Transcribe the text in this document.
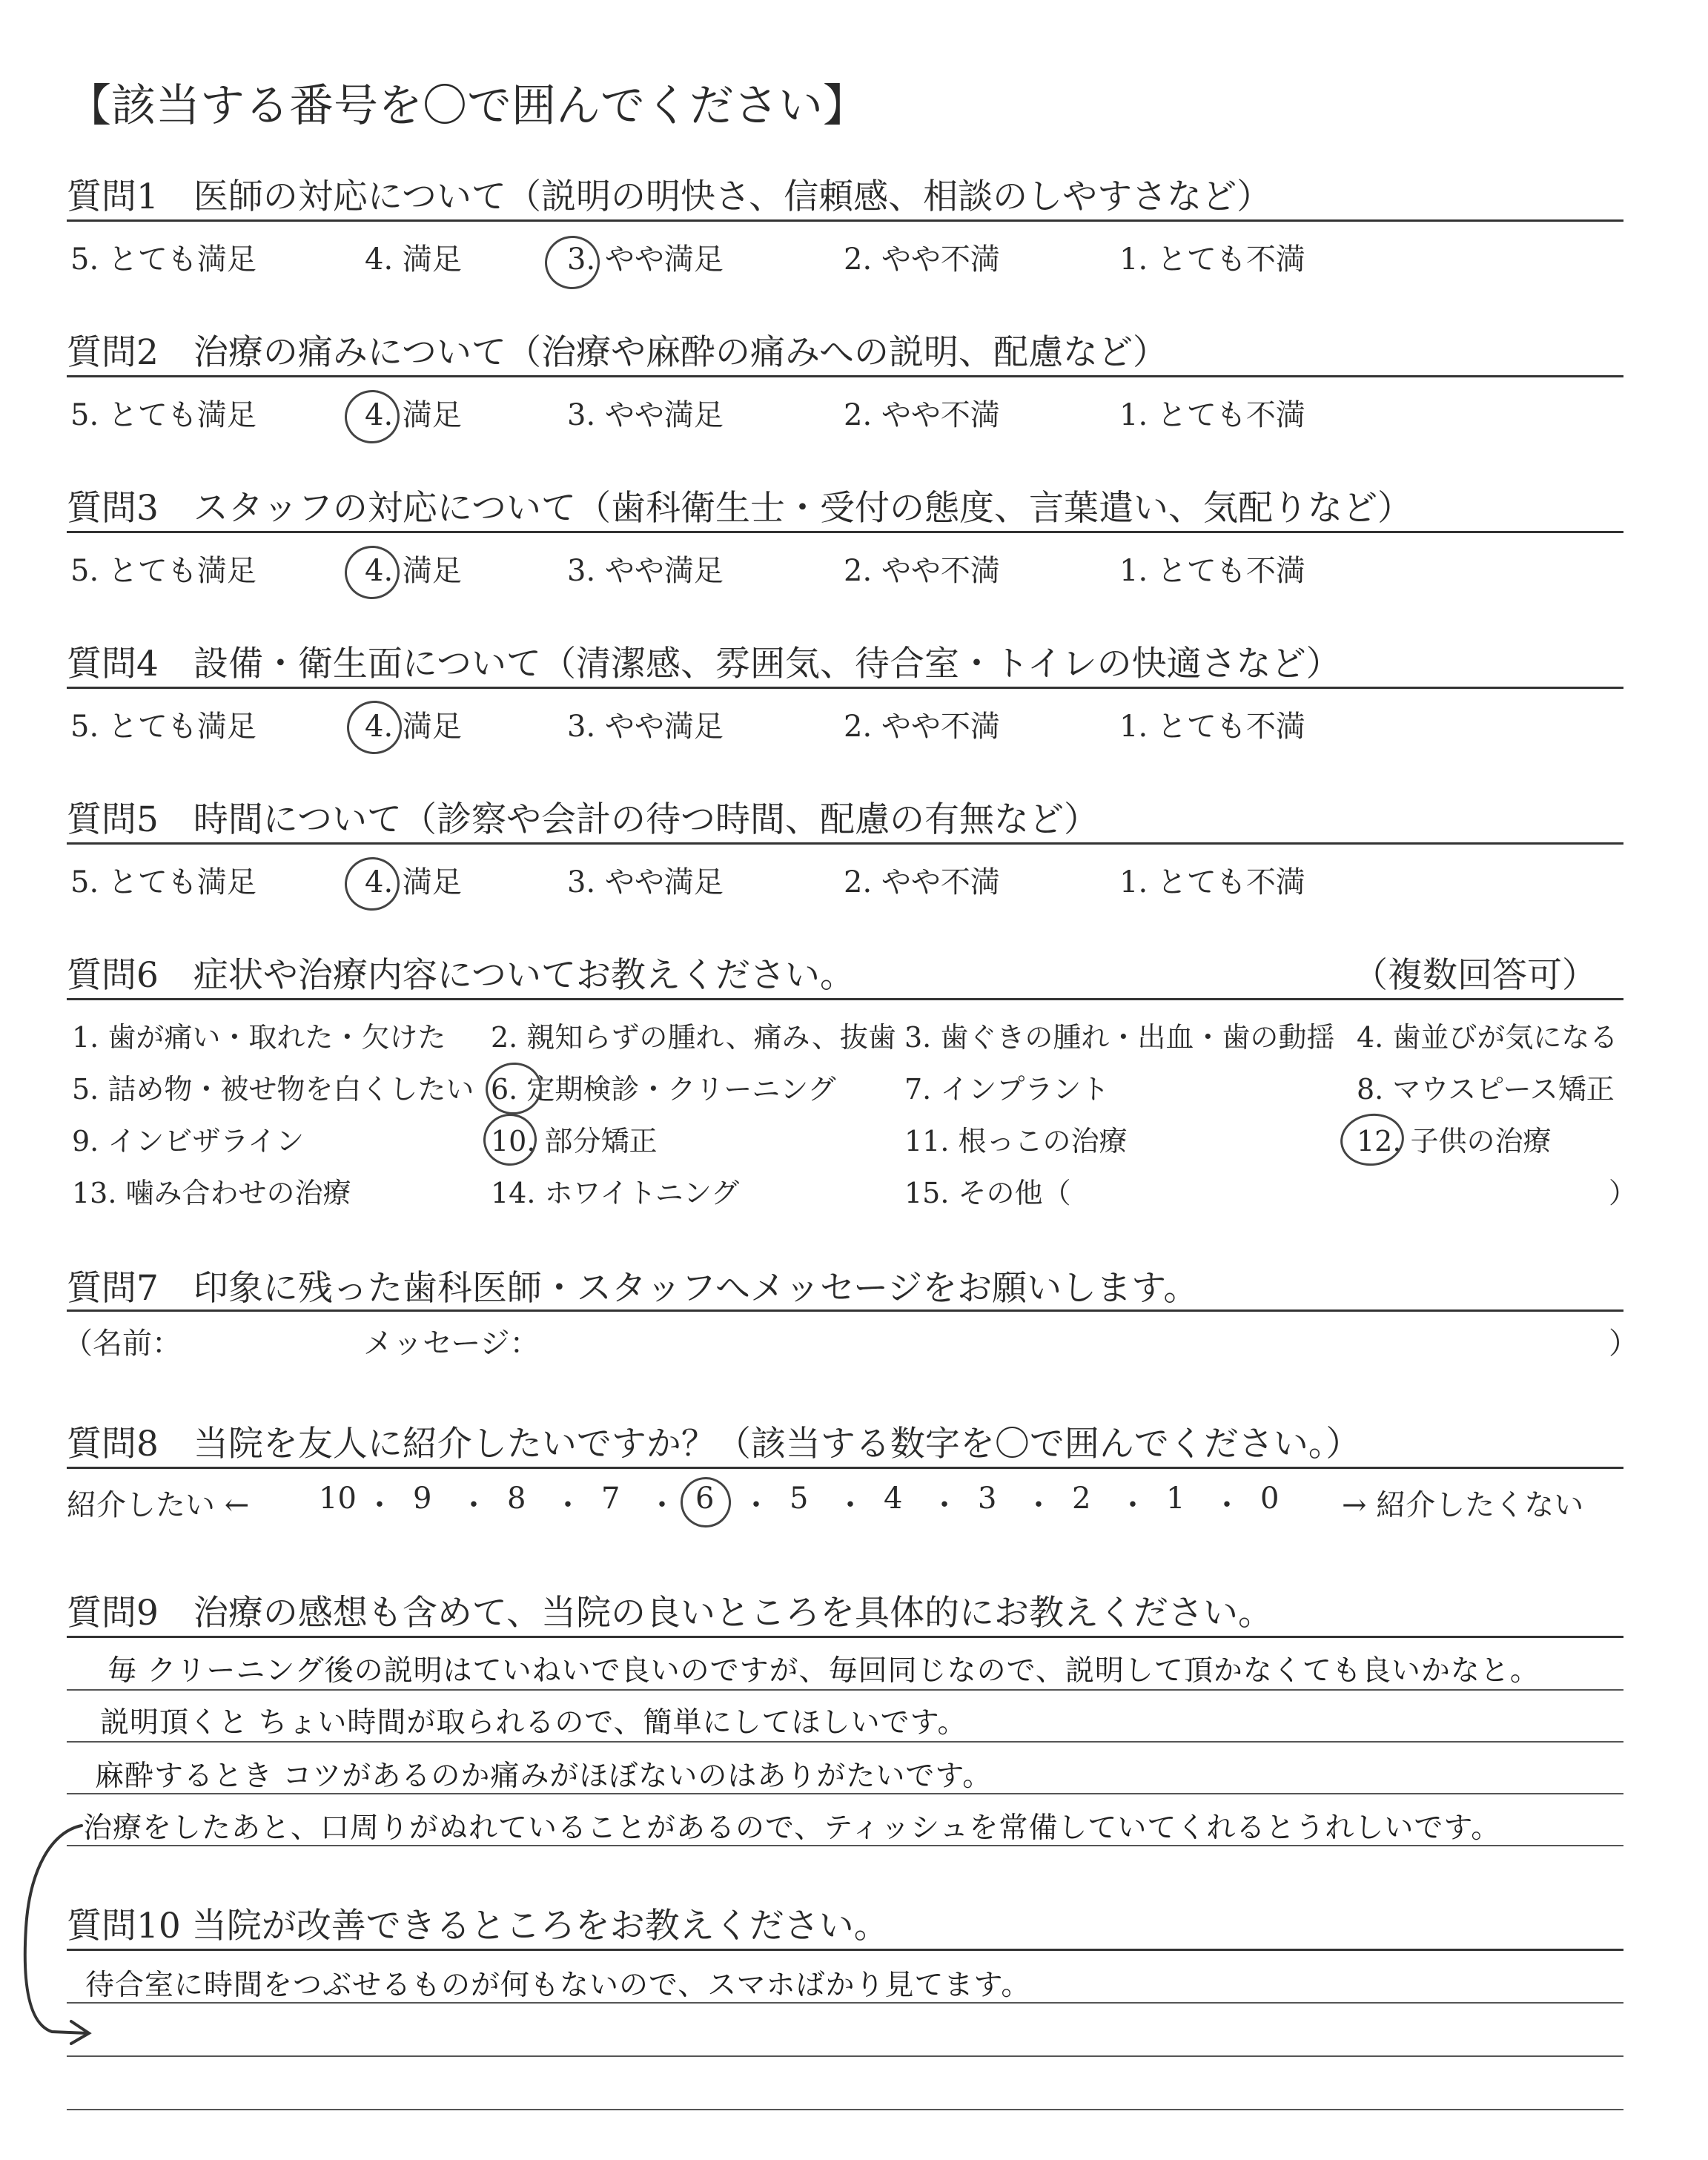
【該当する番号を〇で囲んでください】
質問1　医師の対応について（説明の明快さ、信頼感、相談のしやすさなど）
5. とても満足	4. 満足	3. やや満足	2. やや不満	1. とても不満
質問2　治療の痛みについて（治療や麻酔の痛みへの説明、配慮など）
5. とても満足	4. 満足	3. やや満足	2. やや不満	1. とても不満
質問3　スタッフの対応について（歯科衛生士・受付の態度、言葉遣い、気配りなど）
5. とても満足	4. 満足	3. やや満足	2. やや不満	1. とても不満
質問4　設備・衛生面について（清潔感、雰囲気、待合室・トイレの快適さなど）
5. とても満足	4. 満足	3. やや満足	2. やや不満	1. とても不満
質問5　時間について（診察や会計の待つ時間、配慮の有無など）
5. とても満足	4. 満足	3. やや満足	2. やや不満	1. とても不満
質問6　症状や治療内容についてお教えください。	（複数回答可）
1. 歯が痛い・取れた・欠けた 2. 親知らずの腫れ、痛み、抜歯 3. 歯ぐきの腫れ・出血・歯の動揺 4. 歯並びが気になる
5. 詰め物・被せ物を白くしたい 6. 定期検診・クリーニング 7. インプラント	8. マウスピース矯正
9. インビザライン	10. 部分矯正	11. 根っこの治療	12. 子供の治療
13. 噛み合わせの治療	14. ホワイトニング	15. その他（	）
質問7　印象に残った歯科医師・スタッフへメッセージをお願いします。
（名前：	メッセージ：	）
質問8　当院を友人に紹介したいですか？（該当する数字を〇で囲んでください。）
紹介したい ← 10 ・ 9 ・ 8 ・ 7 ・ 6 ・ 5 ・ 4 ・ 3 ・ 2 ・ 1 ・ 0 → 紹介したくない
質問9　治療の感想も含めて、当院の良いところを具体的にお教えください。
毎 クリーニング後の説明はていねいで良いのですが、毎回同じなので、説明して頂かなくても良いかなと。
説明頂くと ちょい時間が取られるので、簡単にしてほしいです。
麻酔するとき コツがあるのか痛みがほぼないのはありがたいです。
治療をしたあと、口周りがぬれていることがあるので、ティッシュを常備していてくれるとうれしいです。
質問10 当院が改善できるところをお教えください。
待合室に時間をつぶせるものが何もないので、スマホばかり見てます。
